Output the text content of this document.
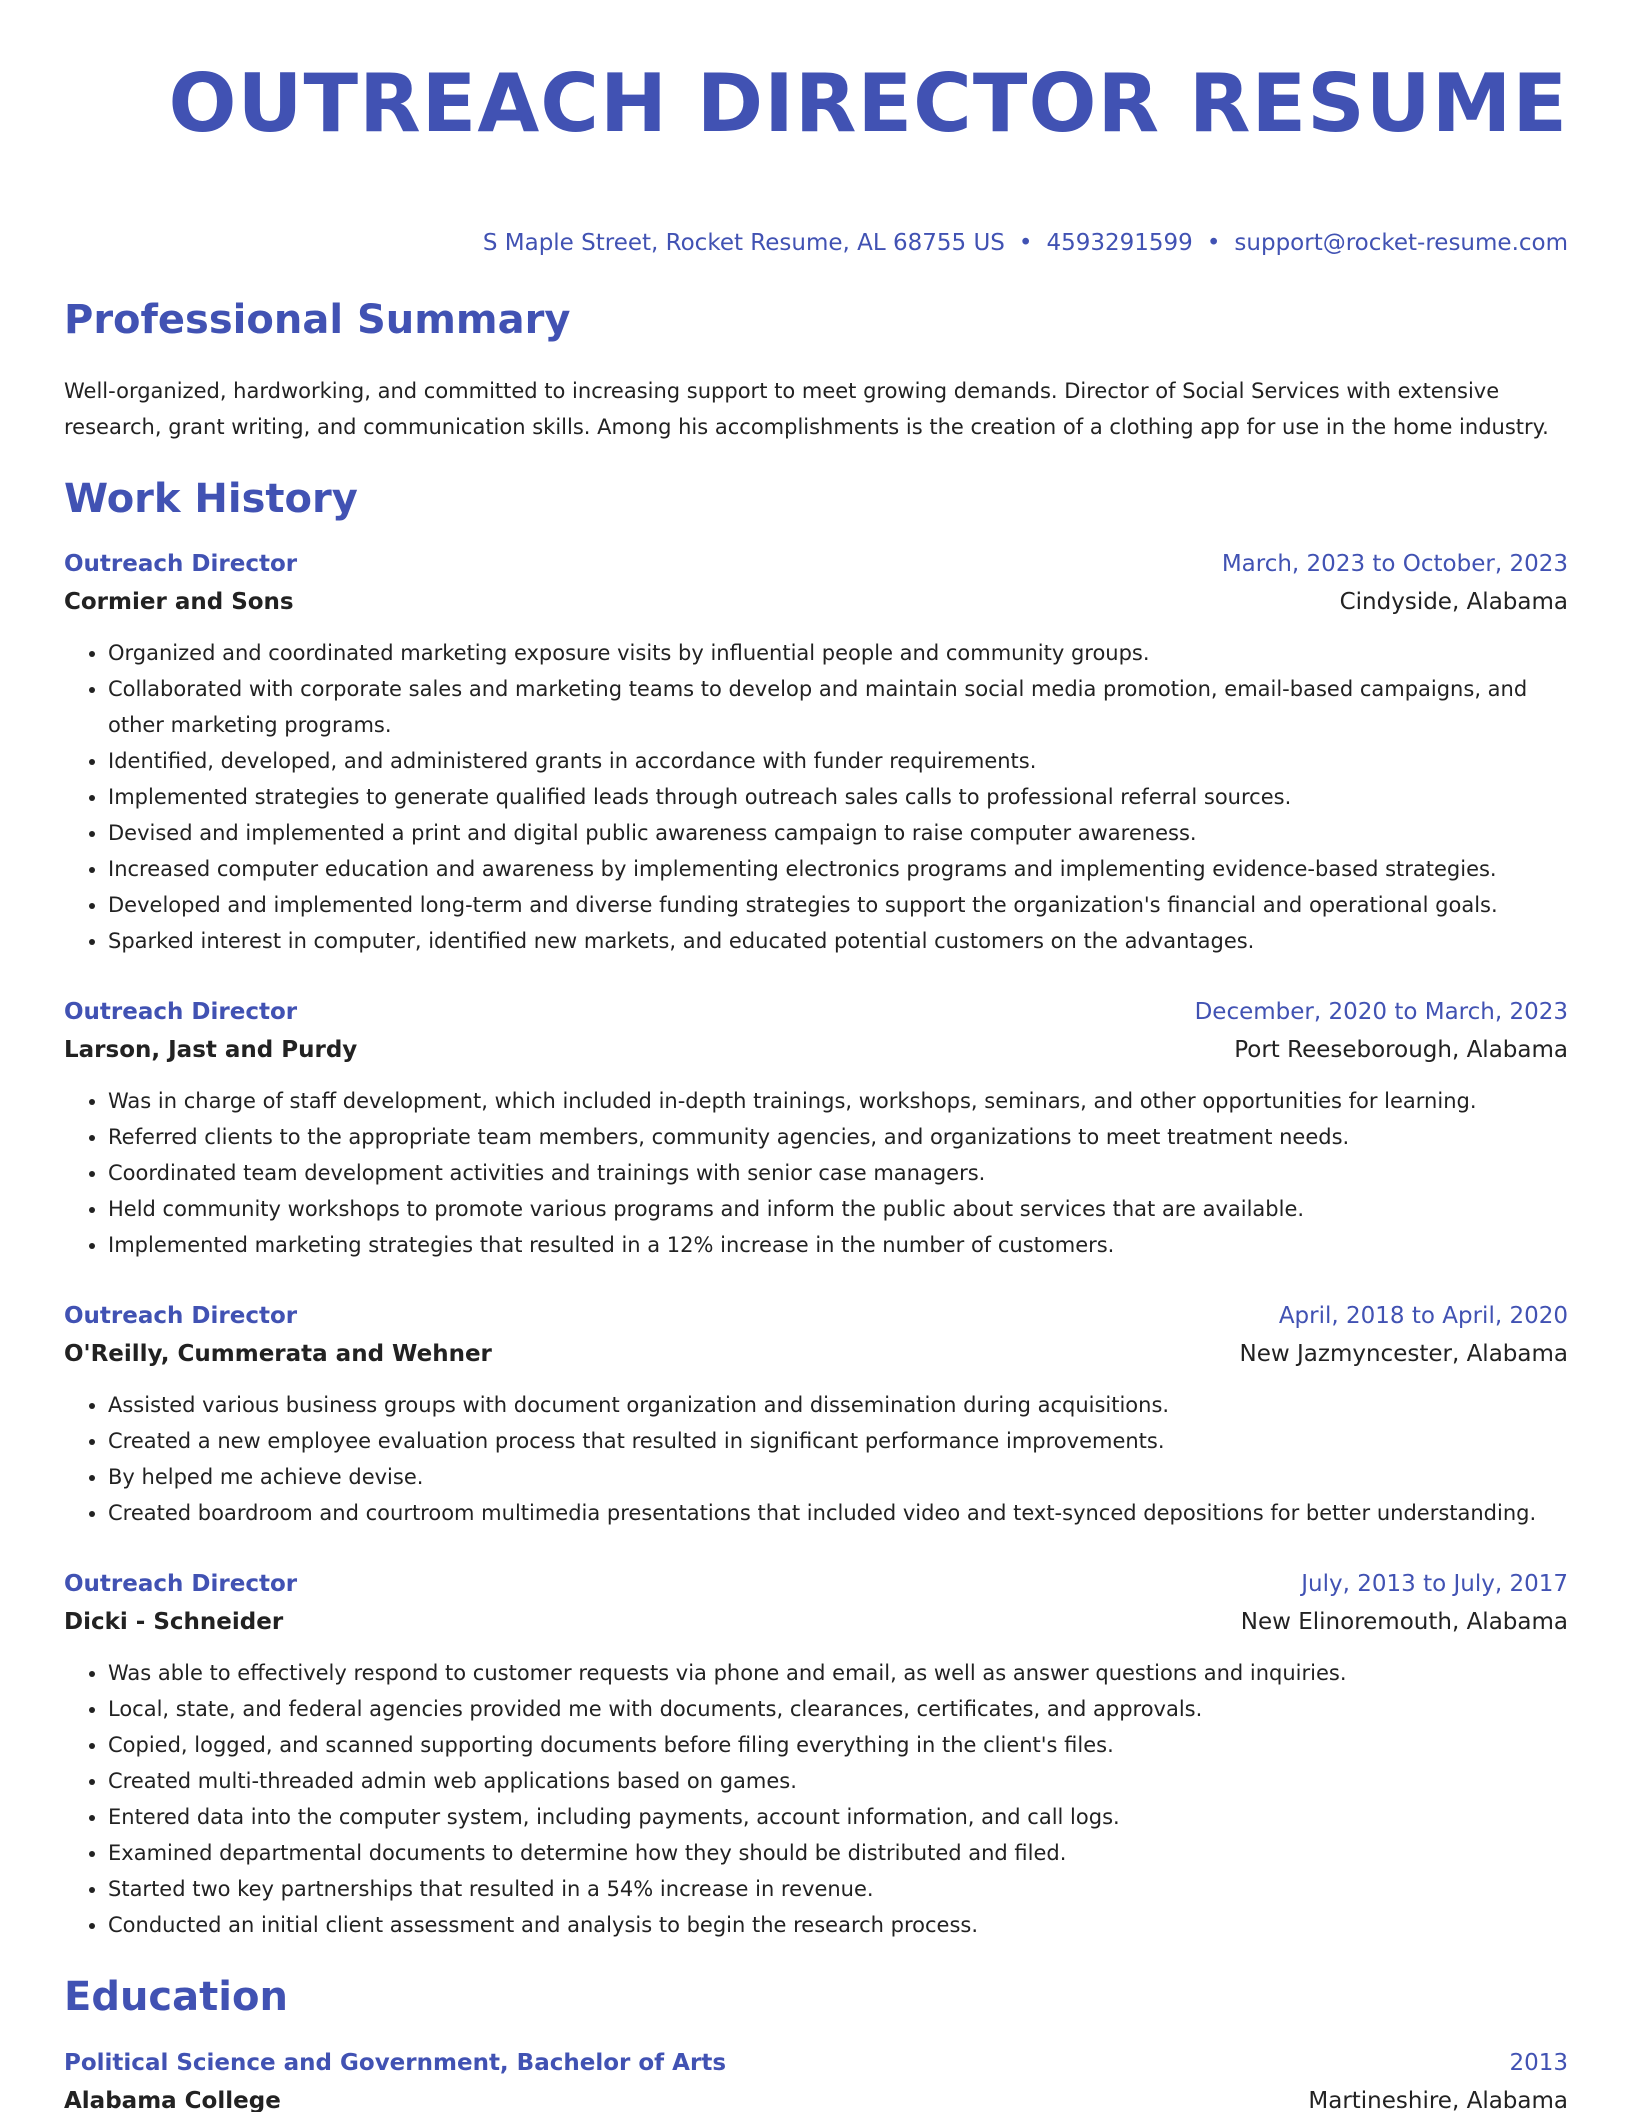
OUTREACH DIRECTOR RESUME
S Maple Street, Rocket Resume, AL 68755 US • 4593291599 • support@rocket-resume.com
Professional Summary

Well-organized, hardworking, and committed to increasing support to meet growing demands. Director of Social Services with extensive research, grant writing, and communication skills. Among his accomplishments is the creation of a clothing app for use in the home industry.

Work History
Outreach Director	March, 2023 to October, 2023
Cormier and Sons	Cindyside, Alabama
• Organized and coordinated marketing exposure visits by influential people and community groups.
• Collaborated with corporate sales and marketing teams to develop and maintain social media promotion, email-based campaigns, and other marketing programs.
• Identified, developed, and administered grants in accordance with funder requirements.
• Implemented strategies to generate qualified leads through outreach sales calls to professional referral sources.
• Devised and implemented a print and digital public awareness campaign to raise computer awareness.
• Increased computer education and awareness by implementing electronics programs and implementing evidence-based strategies.
• Developed and implemented long-term and diverse funding strategies to support the organization's financial and operational goals.
• Sparked interest in computer, identified new markets, and educated potential customers on the advantages.
Outreach Director	December, 2020 to March, 2023
Larson, Jast and Purdy	Port Reeseborough, Alabama
• Was in charge of staff development, which included in-depth trainings, workshops, seminars, and other opportunities for learning.
• Referred clients to the appropriate team members, community agencies, and organizations to meet treatment needs.
• Coordinated team development activities and trainings with senior case managers.
• Held community workshops to promote various programs and inform the public about services that are available.
• Implemented marketing strategies that resulted in a 12% increase in the number of customers.
Outreach Director	April, 2018 to April, 2020
O'Reilly, Cummerata and Wehner	New Jazmyncester, Alabama
• Assisted various business groups with document organization and dissemination during acquisitions.
• Created a new employee evaluation process that resulted in significant performance improvements.
• By helped me achieve devise.
• Created boardroom and courtroom multimedia presentations that included video and text-synced depositions for better understanding.
Outreach Director	July, 2013 to July, 2017
Dicki - Schneider	New Elinoremouth, Alabama
• Was able to effectively respond to customer requests via phone and email, as well as answer questions and inquiries.
• Local, state, and federal agencies provided me with documents, clearances, certificates, and approvals.
• Copied, logged, and scanned supporting documents before filing everything in the client's files.
• Created multi-threaded admin web applications based on games.
• Entered data into the computer system, including payments, account information, and call logs.
• Examined departmental documents to determine how they should be distributed and filed.
• Started two key partnerships that resulted in a 54% increase in revenue.
• Conducted an initial client assessment and analysis to begin the research process.
Education
Political Science and Government, Bachelor of Arts	2013
Alabama College	Martineshire, Alabama
